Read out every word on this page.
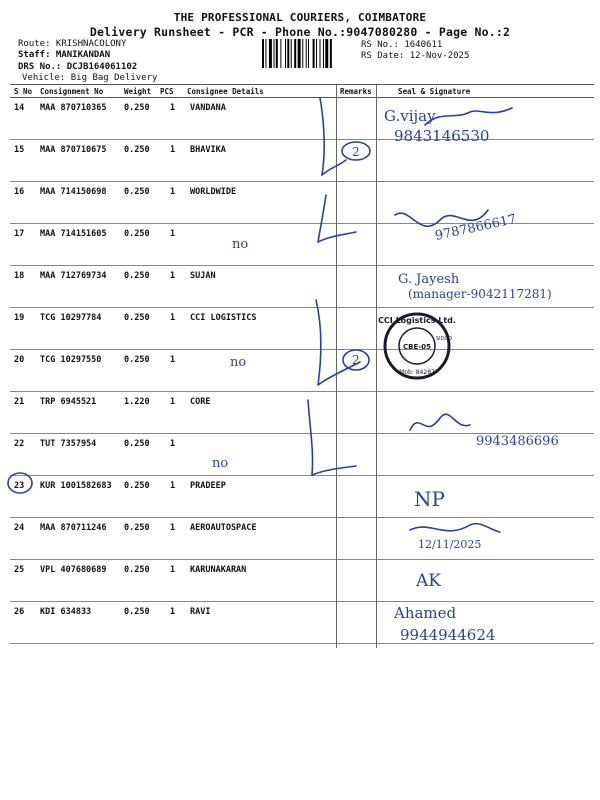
THE PROFESSIONAL COURIERS, COIMBATORE
Delivery Runsheet - PCR - Phone No.:9047080280 - Page No.:2
Route: KRISHNACOLONY
Staff: MANIKANDAN
DRS No.: DCJB164061102
Vehicle: Big Bag Delivery
RS No.: 1640611
RS Date: 12-Nov-2025
S No Consignment No	Weight PCS Consignee Details	Remarks	Seal & Signature
14 MAA 870710365 0.250 1 VANDANA
15 MAA 870710675 0.250 1 BHAVIKA
16 MAA 714150698 0.250 1 WORLDWIDE
17 MAA 714151605 0.250 1
18 MAA 712769734 0.250 1 SUJAN
19 TCG 10297784	0.250 1 CCI LOGISTICS
20 TCG 10297550	0.250 1
21 TRP 6945521	1.220 1 CORE
22 TUT 7357954	0.250 1
23 KUR 1001582683 0.250 1 PRADEEP
24 MAA 870711246 0.250 1 AEROAUTOSPACE
25 VPL 407680689 0.250 1 KARUNAKARAN
26 KDI 634833	0.250 1 RAVI
G.vijay
9843146530
2
no
9787866617
G. Jayesh
(manager-9042117281)
no	2
9943486696
no
NP
12/11/2025
AK
Ahamed
9944944624
CCI Logistics Ltd.
CBE-05
SIDCO
Mob: 84287
